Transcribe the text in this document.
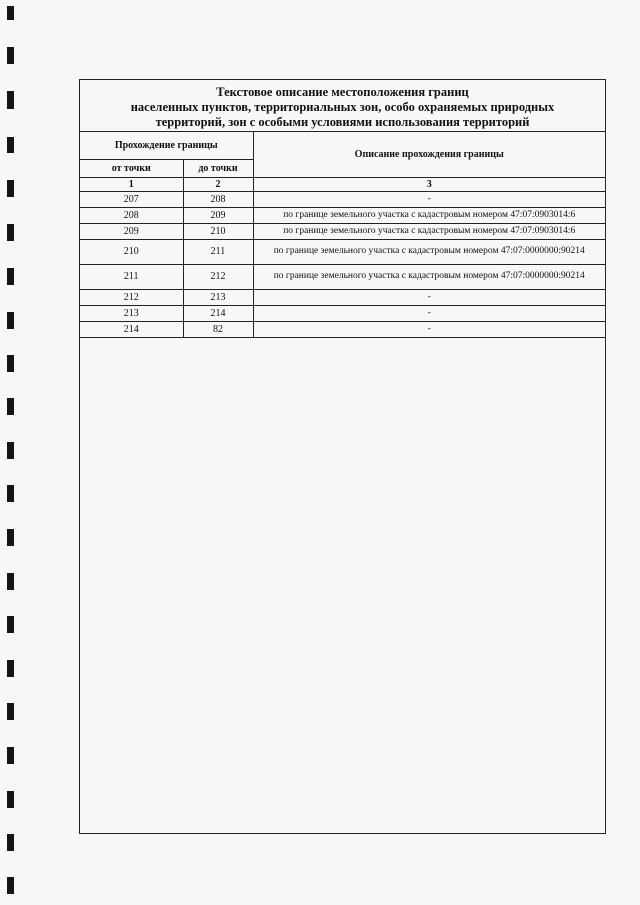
Текстовое описание местоположения границ
населенных пунктов, территориальных зон, особо охраняемых природных
территорий, зон с особыми условиями использования территорий
Прохождение границы		Описание прохождения границы
от точки	до точки	
1	2	3
207	208	-
208	209	по границе земельного участка с кадастровым номером 47:07:0903014:6
209	210	по границе земельного участка с кадастровым номером 47:07:0903014:6
210	211	по границе земельного участка с кадастровым номером 47:07:0000000:90214
211	212	по границе земельного участка с кадастровым номером 47:07:0000000:90214
212	213	-
213	214	-
214	82	-
